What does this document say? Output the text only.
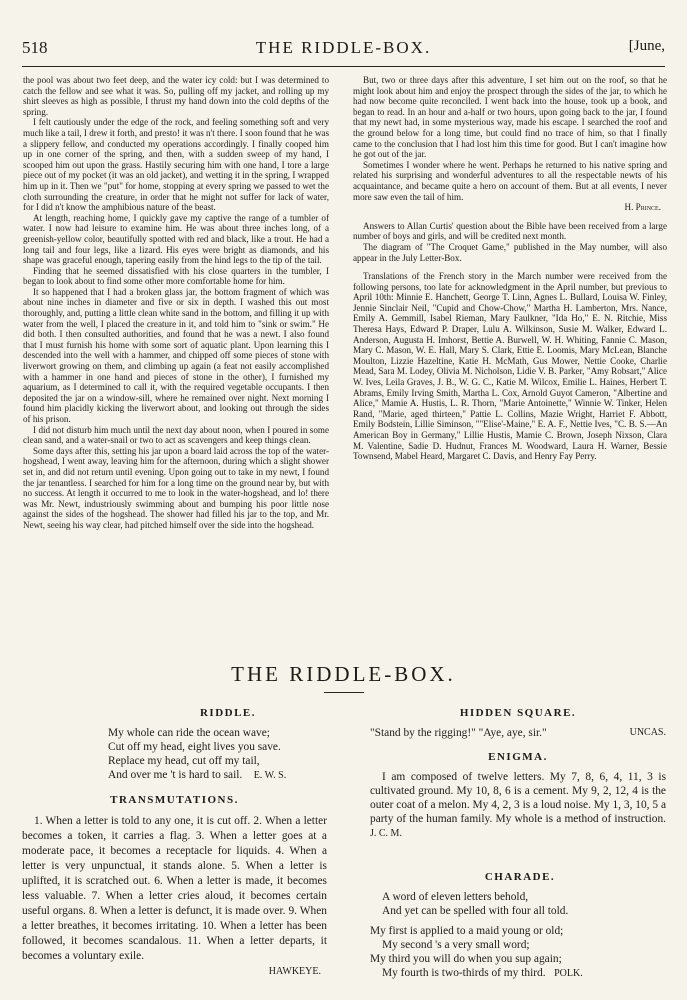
518	THE RIDDLE-BOX.	[June,

the pool was about two feet deep, and the water icy cold: but I was determined to catch the fellow and see what it was. So, pulling off my jacket, and rolling up my shirt sleeves as high as possible, I thrust my hand down into the cold depths of the spring.

I felt cautiously under the edge of the rock, and feeling something soft and very much like a tail, I drew it forth, and presto! it was n't there. I soon found that he was a slippery fellow, and conducted my operations accordingly. I finally cooped him up in one corner of the spring, and then, with a sudden sweep of my hand, I scooped him out upon the grass. Hastily securing him with one hand, I tore a large piece out of my pocket (it was an old jacket), and wetting it in the spring, I wrapped him up in it. Then we "put" for home, stopping at every spring we passed to wet the cloth surrounding the creature, in order that he might not suffer for lack of water, for I did n't know the amphibious nature of the beast.

At length, reaching home, I quickly gave my captive the range of a tumbler of water. I now had leisure to examine him. He was about three inches long, of a greenish-yellow color, beautifully spotted with red and black, like a trout. He had a long tail and four legs, like a lizard. His eyes were bright as diamonds, and his shape was graceful enough, tapering easily from the hind legs to the tip of the tail.

Finding that he seemed dissatisfied with his close quarters in the tumbler, I began to look about to find some other more comfortable home for him.

It so happened that I had a broken glass jar, the bottom fragment of which was about nine inches in diameter and five or six in depth. I washed this out most thoroughly, and, putting a little clean white sand in the bottom, and filling it up with water from the well, I placed the creature in it, and told him to "sink or swim." He did both. I then consulted authorities, and found that he was a newt. I also found that I must furnish his home with some sort of aquatic plant. Upon learning this I descended into the well with a hammer, and chipped off some pieces of stone with liverwort growing on them, and climbing up again (a feat not easily accomplished with a hammer in one hand and pieces of stone in the other), I furnished my aquarium, as I determined to call it, with the required vegetable occupants. I then deposited the jar on a window-sill, where he remained over night. Next morning I found him placidly kicking the liverwort about, and looking out through the sides of his prison.

I did not disturb him much until the next day about noon, when I poured in some clean sand, and a water-snail or two to act as scavengers and keep things clean.

Some days after this, setting his jar upon a board laid across the top of the water-hogshead, I went away, leaving him for the afternoon, during which a slight shower set in, and did not return until evening. Upon going out to take in my newt, I found the jar tenantless. I searched for him for a long time on the ground near by, but with no success. At length it occurred to me to look in the water-hogshead, and lo! there was Mr. Newt, industriously swimming about and bumping his poor little nose against the sides of the hogshead. The shower had filled his jar to the top, and Mr. Newt, seeing his way clear, had pitched himself over the side into the hogshead.

But, two or three days after this adventure, I set him out on the roof, so that he might look about him and enjoy the prospect through the sides of the jar, to which he had now become quite reconciled. I went back into the house, took up a book, and began to read. In an hour and a-half or two hours, upon going back to the jar, I found that my newt had, in some mysterious way, made his escape. I searched the roof and the ground below for a long time, but could find no trace of him, so that I finally came to the conclusion that I had lost him this time for good. But I can't imagine how he got out of the jar.

Sometimes I wonder where he went. Perhaps he returned to his native spring and related his surprising and wonderful adventures to all the respectable newts of his acquaintance, and became quite a hero on account of them. But at all events, I never more saw even the tail of him.

H. Prince.

Answers to Allan Curtis' question about the Bible have been received from a large number of boys and girls, and will be credited next month.

The diagram of "The Croquet Game," published in the May number, will also appear in the July Letter-Box.

Translations of the French story in the March number were received from the following persons, too late for acknowledgment in the April number, but previous to April 10th: Minnie E. Hanchett, George T. Linn, Agnes L. Bullard, Louisa W. Finley, Jennie Sinclair Neil, "Cupid and Chow-Chow," Martha H. Lamberton, Mrs. Nance, Emily A. Gemmill, Isabel Rieman, Mary Faulkner, "Ida Ho," E. N. Ritchie, Miss Theresa Hays, Edward P. Draper, Lulu A. Wilkinson, Susie M. Walker, Edward L. Anderson, Augusta H. Imhorst, Bettie A. Burwell, W. H. Whiting, Fannie C. Mason, Mary C. Mason, W. E. Hall, Mary S. Clark, Ettie E. Loomis, Mary McLean, Blanche Moulton, Lizzie Hazeltine, Katie H. McMath, Gus Mower, Nettie Cooke, Charlie Mead, Sara M. Lodey, Olivia M. Nicholson, Lidie V. B. Parker, "Amy Robsart," Alice W. Ives, Leila Graves, J. B., W. G. C., Katie M. Wilcox, Emilie L. Haines, Herbert T. Abrams, Emily Irving Smith, Martha L. Cox, Arnold Guyot Cameron, "Albertine and Alice," Mamie A. Hustis, L. R. Thorn, "Marie Antoinette," Winnie W. Tinker, Helen Rand, "Marie, aged thirteen," Pattie L. Collins, Mazie Wright, Harriet F. Abbott, Emily Bodstein, Lillie Siminson, ""Elise'-Maine," E. A. F., Nettie Ives, "C. B. S.—An American Boy in Germany," Lillie Hustis, Mamie C. Brown, Joseph Nixson, Clara M. Valentine, Sadie D. Hudnut, Frances M. Woodward, Laura H. Warner, Bessie Townsend, Mabel Heard, Margaret C. Davis, and Henry Fay Perry.

THE RIDDLE-BOX.
RIDDLE.
My whole can ride the ocean wave;
Cut off my head, eight lives you save.
Replace my head, cut off my tail,
And over me 't is hard to sail. E. W. S.
TRANSMUTATIONS.

1. When a letter is told to any one, it is cut off. 2. When a letter becomes a token, it carries a flag. 3. When a letter goes at a moderate pace, it becomes a receptacle for liquids. 4. When a letter is very unpunctual, it stands alone. 5. When a letter is uplifted, it is scratched out. 6. When a letter is made, it becomes less valuable. 7. When a letter cries aloud, it becomes certain useful organs. 8. When a letter is defunct, it is made over. 9. When a letter breathes, it becomes irritating. 10. When a letter has been followed, it becomes scandalous. 11. When a letter departs, it becomes a voluntary exile.

HAWKEYE.
HIDDEN SQUARE.
"Stand by the rigging!" "Aye, aye, sir."	UNCAS.
ENIGMA.

I am composed of twelve letters. My 7, 8, 6, 4, 11, 3 is cultivated ground. My 10, 8, 6 is a cement. My 9, 2, 12, 4 is the outer coat of a melon. My 4, 2, 3 is a loud noise. My 1, 3, 10, 5 a party of the human family. My whole is a method of instruction. J. C. M.

CHARADE.
A word of eleven letters behold,
And yet can be spelled with four all told.
My first is applied to a maid young or old;
My second 's a very small word;
My third you will do when you sup again;
My fourth is two-thirds of my third. POLK.
